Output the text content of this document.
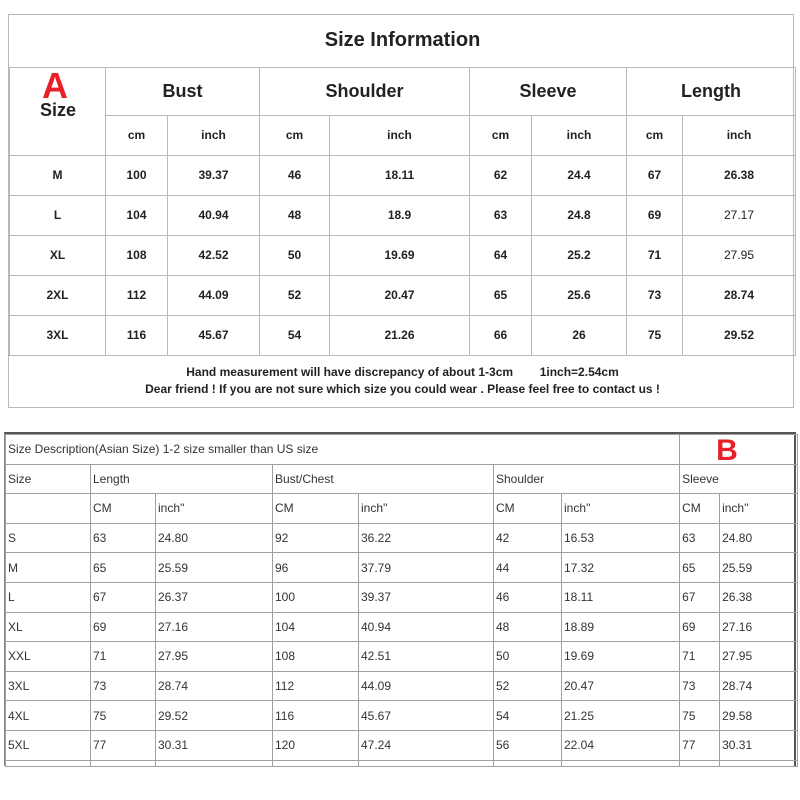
Size Information								

A
Size	Bust		Shoulder		Sleeve		Length	
	cm	inch	cm	inch	cm	inch	cm	inch
M	100	39.37	46	18.11	62	24.4	67	26.38
L	104	40.94	48	18.9	63	24.8	69	27.17
XL	108	42.52	50	19.69	64	25.2	71	27.95
2XL	112	44.09	52	20.47	65	25.6	73	28.74
3XL	116	45.67	54	21.26	66	26	75	29.52

Hand measurement will have discrepancy of about 1-3cm        1inch=2.54cm
Dear friend ! If you are not sure which size you could wear . Please feel free to contact us !								
Size Description(Asian Size) 1-2 size smaller than US size							B	

Size	Length		Bust/Chest		Shoulder		Sleeve	
	CM	inch''	CM	inch''	CM	inch''	CM	inch''
S	63	24.80	92	36.22	42	16.53	63	24.80
M	65	25.59	96	37.79	44	17.32	65	25.59
L	67	26.37	100	39.37	46	18.11	67	26.38
XL	69	27.16	104	40.94	48	18.89	69	27.16
XXL	71	27.95	108	42.51	50	19.69	71	27.95
3XL	73	28.74	112	44.09	52	20.47	73	28.74
4XL	75	29.52	116	45.67	54	21.25	75	29.58
5XL	77	30.31	120	47.24	56	22.04	77	30.31
